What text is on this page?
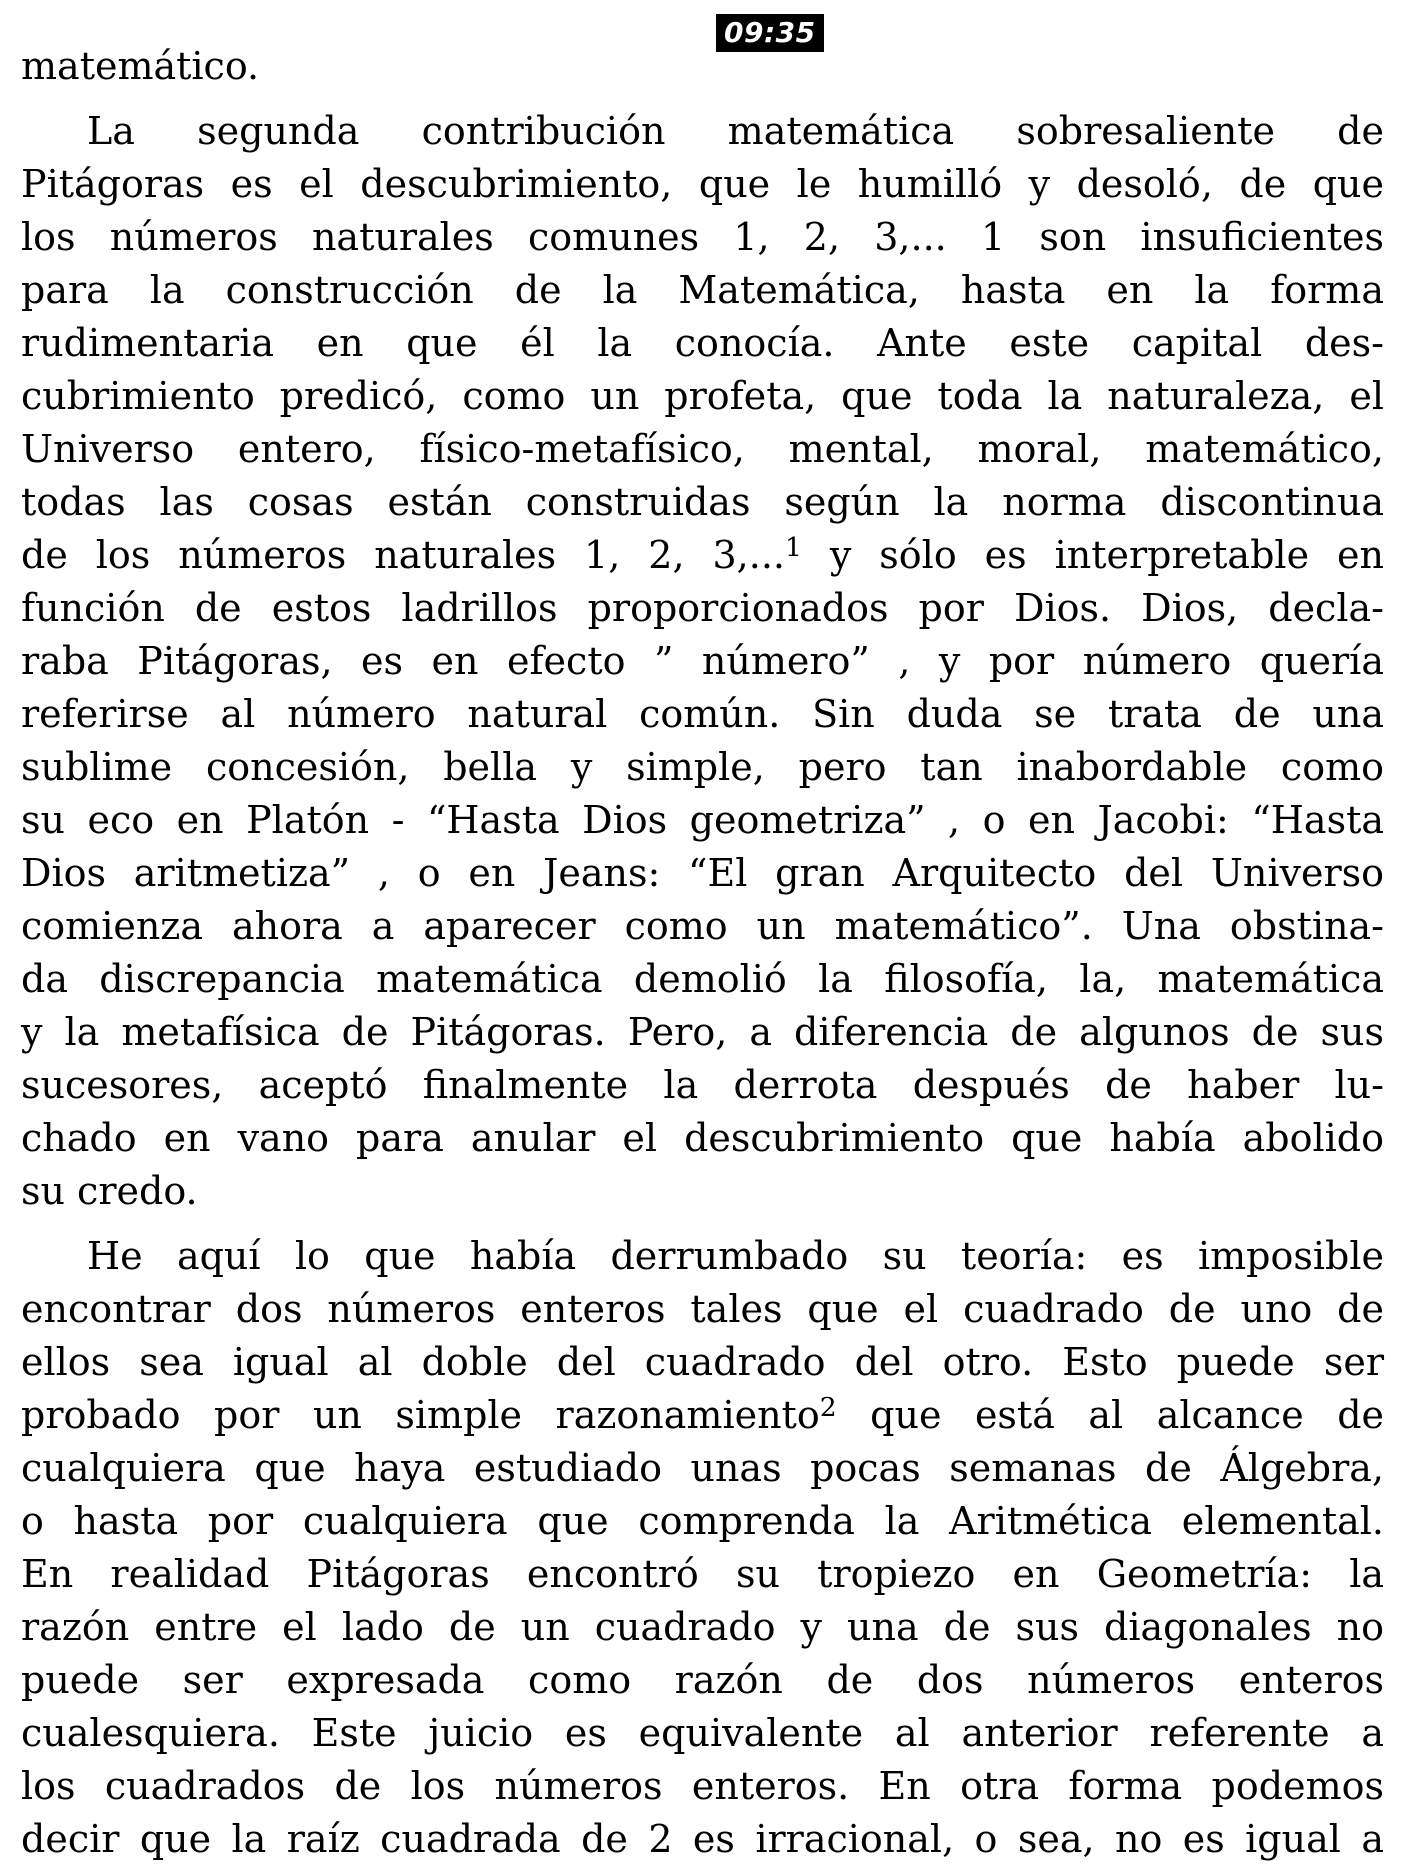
09:35
matemático.
La segunda contribución matemática sobresaliente de
Pitágoras es el descubrimiento, que le humilló y desoló, de que
los números naturales comunes 1, 2, 3,... 1 son insuficientes
para la construcción de la Matemática, hasta en la forma
rudimentaria en que él la conocía. Ante este capital des-
cubrimiento predicó, como un profeta, que toda la naturaleza, el
Universo entero, físico-metafísico, mental, moral, matemático,
todas las cosas están construidas según la norma discontinua
de los números naturales 1, 2, 3,...$^1$ y sólo es interpretable en
función de estos ladrillos proporcionados por Dios. Dios, decla-
raba Pitágoras, es en efecto ” número” , y por número quería
referirse al número natural común. Sin duda se trata de una
sublime concesión, bella y simple, pero tan inabordable como
su eco en Platón - “Hasta Dios geometriza” , o en Jacobi: “Hasta
Dios aritmetiza” , o en Jeans: “El gran Arquitecto del Universo
comienza ahora a aparecer como un matemático”. Una obstina-
da discrepancia matemática demolió la filosofía, la, matemática
y la metafísica de Pitágoras. Pero, a diferencia de algunos de sus
sucesores, aceptó finalmente la derrota después de haber lu-
chado en vano para anular el descubrimiento que había abolido
su credo.
He aquí lo que había derrumbado su teoría: es imposible
encontrar dos números enteros tales que el cuadrado de uno de
ellos sea igual al doble del cuadrado del otro. Esto puede ser
probado por un simple razonamiento$^2$ que está al alcance de
cualquiera que haya estudiado unas pocas semanas de Álgebra,
o hasta por cualquiera que comprenda la Aritmética elemental.
En realidad Pitágoras encontró su tropiezo en Geometría: la
razón entre el lado de un cuadrado y una de sus diagonales no
puede ser expresada como razón de dos números enteros
cualesquiera. Este juicio es equivalente al anterior referente a
los cuadrados de los números enteros. En otra forma podemos
decir que la raíz cuadrada de 2 es irracional, o sea, no es igual a
